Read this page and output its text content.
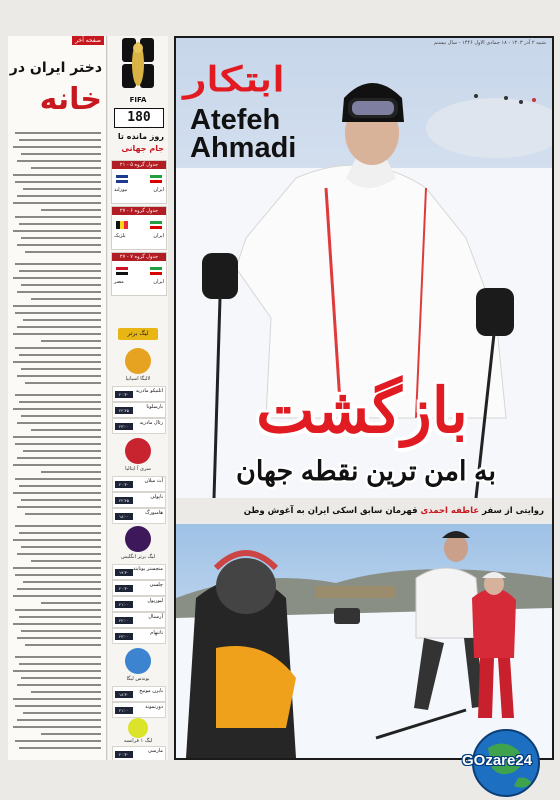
صفحه آخر
دختر ایران در
خانه	FIFA
180
روز مانده تا
جام جهانی
جدول گروه ۵ - ۲۱
نیوزلند	ایران
جدول گروه ۶ - ۲۷
بلژیک	ایران
جدول گروه ۷ - ۲۷
مصر	ایران
لیگ برتر
لالیگا اسپانیا
اتلتیکو مادرید
۲۰:۳۰
بارسلونا
۲۲:۴۵
رئال مادرید
۲۳:۰۰
سری آ ایتالیا
آث میلان
۲۰:۳۰
ناپولی
۲۲:۴۵
هامبورگ
۱۸:۰۰
لیگ برتر انگلیس
منچستر یونایتد
۱۹:۳۰
چلسی
۲۰:۳۰
لیورپول
۲۱:۰۰
آرسنال
۲۲:۰۰
تاتنهام
۲۳:۰۰
بوندس لیگا
بایرن مونیخ
۱۸:۳۰
دورتموند
۲۱:۰۰
لیگ ۱ فرانسه
مارسی
۲۰:۳۰
شنبه ۲ آذر ۱۴۰۳ - ۱۸ جمادی الاول ۱۴۴۶ - سال بیستم
ابتکار
Atefeh
Ahmadi
بازگشت
به امن ترین نقطه جهان
روایتی از سفر عاطفه احمدی قهرمان سابق اسکی ایران به آغوش وطن
GOzare24
